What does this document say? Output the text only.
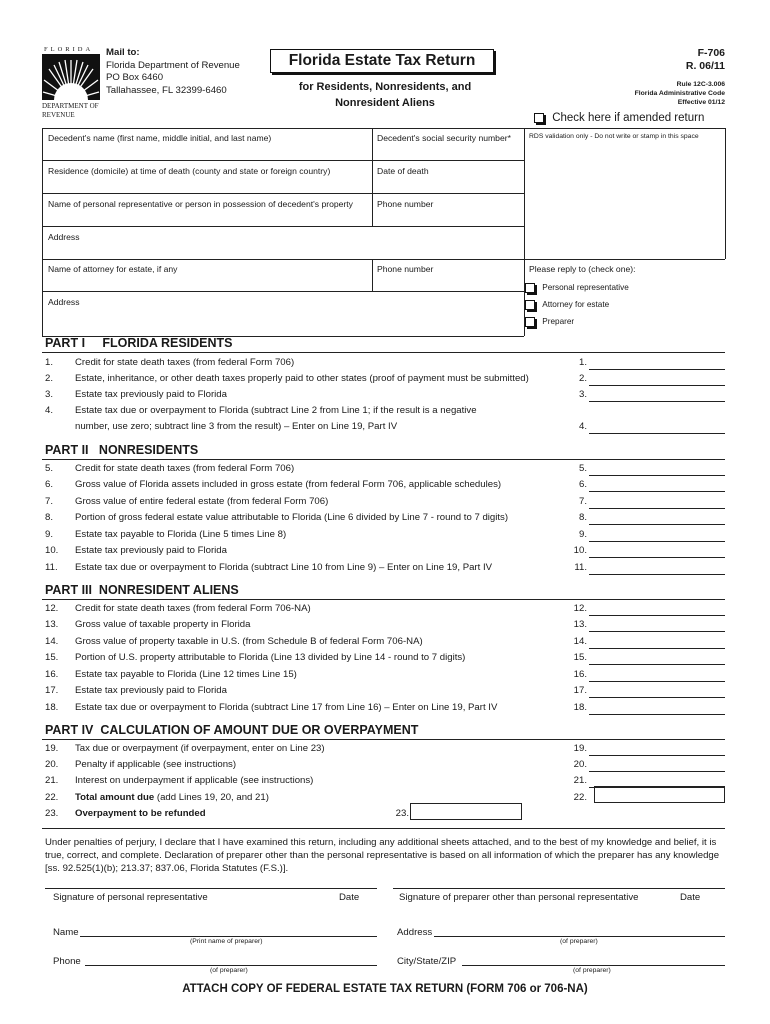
FLORIDA
DEPARTMENT OF REVENUE
Mail to:
Florida Department of Revenue
PO Box 6460
Tallahassee, FL 32399-6460
Florida Estate Tax Return
for Residents, Nonresidents, and
Nonresident Aliens
F-706
R. 06/11
Rule 12C-3.006
Florida Administrative Code
Effective 01/12
Check here if amended return
Decedent's name (first name, middle initial, and last name)	Decedent's social security number*	RDS validation only - Do not write or stamp in this space
Residence (domicile) at time of death (county and state or foreign country)	Date of death
Name of personal representative or person in possession of decedent's property	Phone number
Address
Name of attorney for estate, if any	Phone number	Please reply to (check one):
Address
Personal representative
Attorney for estate
Preparer
PART I     FLORIDA RESIDENTS
1.	Credit for state death taxes (from federal Form 706)	1.
2.	Estate, inheritance, or other death taxes properly paid to other states (proof of payment must be submitted)	2.
3.	Estate tax previously paid to Florida	3.
4.	Estate tax due or overpayment to Florida (subtract Line 2 from Line 1; if the result is a negative
number, use zero; subtract line 3 from the result) – Enter on Line 19, Part IV	4.
PART II   NONRESIDENTS
5.	Credit for state death taxes (from federal Form 706)	5.
6.	Gross value of Florida assets included in gross estate (from federal Form 706, applicable schedules)	6.
7.	Gross value of entire federal estate (from federal Form 706)	7.
8.	Portion of gross federal estate value attributable to Florida (Line 6 divided by Line 7 - round to 7 digits)	8.
9.	Estate tax payable to Florida (Line 5 times Line 8)	9.
10.	Estate tax previously paid to Florida	10.
11.	Estate tax due or overpayment to Florida (subtract Line 10 from Line 9) – Enter on Line 19, Part IV	11.
PART III  NONRESIDENT ALIENS
12.	Credit for state death taxes (from federal Form 706-NA)	12.
13.	Gross value of taxable property in Florida	13.
14.	Gross value of property taxable in U.S. (from Schedule B of federal Form 706-NA)	14.
15.	Portion of U.S. property attributable to Florida (Line 13 divided by Line 14 - round to 7 digits)	15.
16.	Estate tax payable to Florida (Line 12 times Line 15)	16.
17.	Estate tax previously paid to Florida	17.
18.	Estate tax due or overpayment to Florida (subtract Line 17 from Line 16) – Enter on Line 19, Part IV	18.
PART IV  CALCULATION OF AMOUNT DUE OR OVERPAYMENT
19.	Tax due or overpayment (if overpayment, enter on Line 23)	19.
20.	Penalty if applicable (see instructions)	20.
21.	Interest on underpayment if applicable (see instructions)	21.
22.	Total amount due (add Lines 19, 20, and 21)	22.
23.	Overpayment to be refunded	23.
Under penalties of perjury, I declare that I have examined this return, including any additional sheets attached, and to the best of my knowledge and belief, it is true, correct, and complete. Declaration of preparer other than the personal representative is based on all information of which the preparer has any knowledge [ss. 92.525(1)(b); 213.37; 837.06, Florida Statutes (F.S.)].
Signature of personal representative	Date	Signature of preparer other than personal representative	Date
Name
(Print name of preparer)
Address
(of preparer)
Phone
(of preparer)
City/State/ZIP
(of preparer)
ATTACH COPY OF FEDERAL ESTATE TAX RETURN (FORM 706 or 706-NA)
